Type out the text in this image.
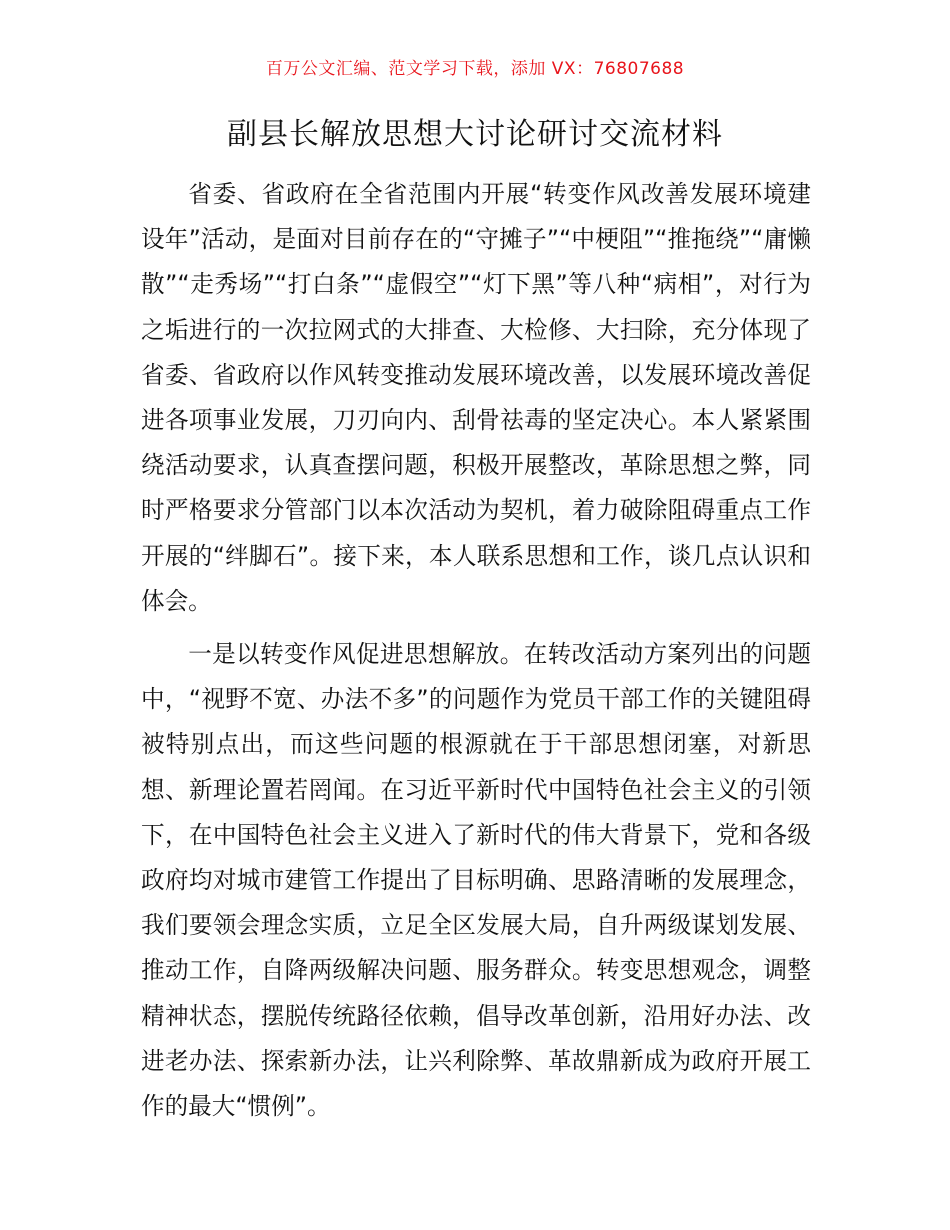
百万公文汇编、范文学习下载，添加 VX：76807688
副县长解放思想大讨论研讨交流材料

省委、省政府在全省范围内开展“转变作风改善发展环境建设年”活动，是面对目前存在的“守摊子”“中梗阻”“推拖绕”“庸懒散”“走秀场”“打白条”“虚假空”“灯下黑”等八种“病相”，对行为之垢进行的一次拉网式的大排查、大检修、大扫除，充分体现了省委、省政府以作风转变推动发展环境改善，以发展环境改善促进各项事业发展，刀刃向内、刮骨祛毒的坚定决心。本人紧紧围绕活动要求，认真查摆问题，积极开展整改，革除思想之弊，同时严格要求分管部门以本次活动为契机，着力破除阻碍重点工作开展的“绊脚石”。接下来，本人联系思想和工作，谈几点认识和体会。

一是以转变作风促进思想解放。在转改活动方案列出的问题中，“视野不宽、办法不多”的问题作为党员干部工作的关键阻碍被特别点出，而这些问题的根源就在于干部思想闭塞，对新思想、新理论置若罔闻。在习近平新时代中国特色社会主义的引领下，在中国特色社会主义进入了新时代的伟大背景下，党和各级政府均对城市建管工作提出了目标明确、思路清晰的发展理念，我们要领会理念实质，立足全区发展大局，自升两级谋划发展、推动工作，自降两级解决问题、服务群众。转变思想观念，调整精神状态，摆脱传统路径依赖，倡导改革创新，沿用好办法、改进老办法、探索新办法，让兴利除弊、革故鼎新成为政府开展工作的最大“惯例”。
